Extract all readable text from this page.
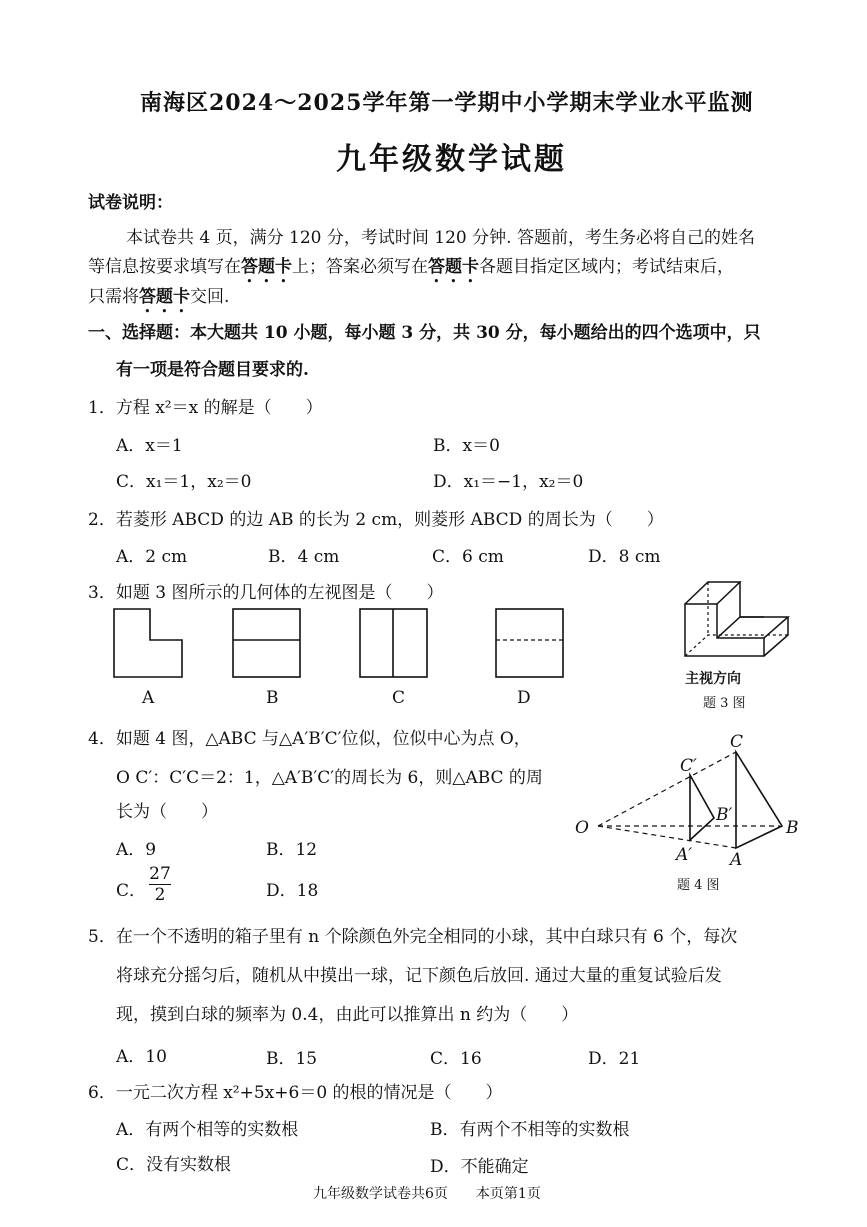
南海区2024～2025学年第一学期中小学期末学业水平监测
九年级数学试题
试卷说明：
本试卷共 4 页，满分 120 分，考试时间 120 分钟. 答题前，考生务必将自己的姓名
等信息按要求填写在答题卡上；答案必须写在答题卡各题目指定区域内；考试结束后，
只需将答题卡交回.
一、选择题：本大题共 10 小题，每小题 3 分，共 30 分，每小题给出的四个选项中，只
有一项是符合题目要求的.
1．方程 x²＝x 的解是（　　）
A．x＝1	B．x＝0
C．x₁＝1，x₂＝0	D．x₁＝−1，x₂＝0
2．若菱形 ABCD 的边 AB 的长为 2 cm，则菱形 ABCD 的周长为（　　）
A．2 cm	B．4 cm	C．6 cm	D．8 cm
3．如题 3 图所示的几何体的左视图是（　　）
A	B	C	D
主视方向
题 3 图
4．如题 4 图，△ABC 与△A′B′C′位似，位似中心为点 O，
O C′：C′C＝2：1，△A′B′C′的周长为 6，则△ABC 的周
长为（　　）
A．9	B．12
C．
27
2	D．18
O
C
C′
B′
B
A′ A
题 4 图
5．在一个不透明的箱子里有 n 个除颜色外完全相同的小球，其中白球只有 6 个，每次
将球充分摇匀后，随机从中摸出一球，记下颜色后放回. 通过大量的重复试验后发
现，摸到白球的频率为 0.4，由此可以推算出 n 约为（　　）
A．10	B．15	C．16	D．21
6．一元二次方程 x²+5x+6＝0 的根的情况是（　　）
A．有两个相等的实数根	B．有两个不相等的实数根
C．没有实数根	D．不能确定
九年级数学试卷共6页　　本页第1页
